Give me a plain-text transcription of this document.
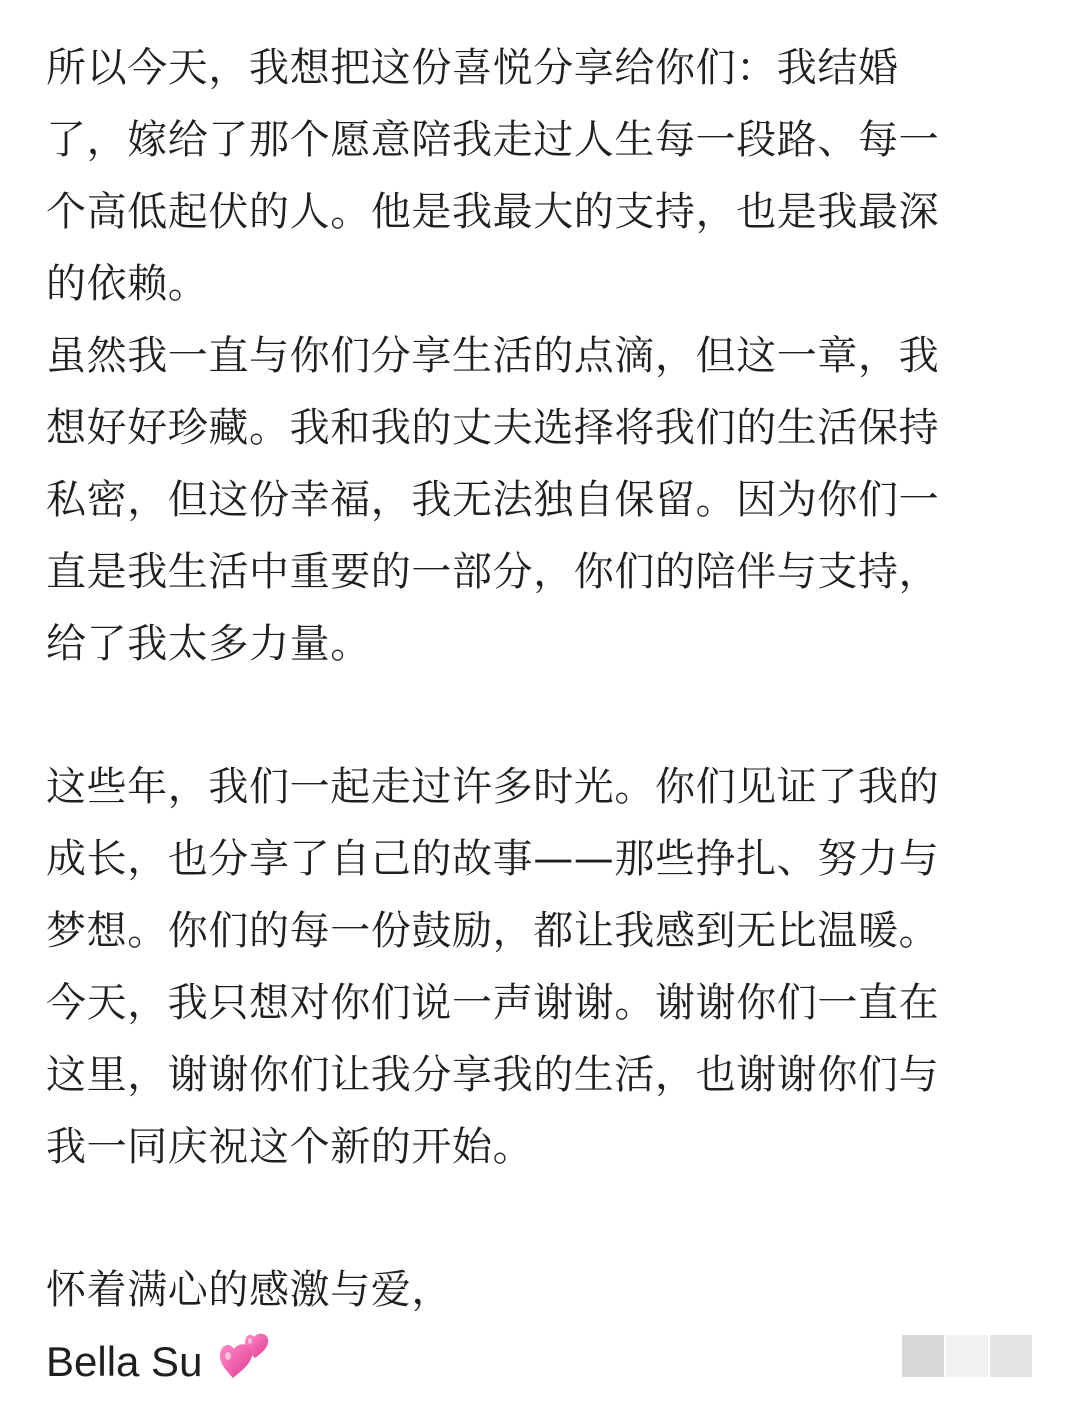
所以今天，我想把这份喜悦分享给你们：我结婚
了，嫁给了那个愿意陪我走过人生每一段路、每一
个高低起伏的人。他是我最大的支持，也是我最深
的依赖。
虽然我一直与你们分享生活的点滴，但这一章，我
想好好珍藏。我和我的丈夫选择将我们的生活保持
私密，但这份幸福，我无法独自保留。因为你们一
直是我生活中重要的一部分，你们的陪伴与支持，
给了我太多力量。
这些年，我们一起走过许多时光。你们见证了我的
成长，也分享了自己的故事——那些挣扎、努力与
梦想。你们的每一份鼓励，都让我感到无比温暖。
今天，我只想对你们说一声谢谢。谢谢你们一直在
这里，谢谢你们让我分享我的生活，也谢谢你们与
我一同庆祝这个新的开始。
怀着满心的感激与爱，
Bella Su
